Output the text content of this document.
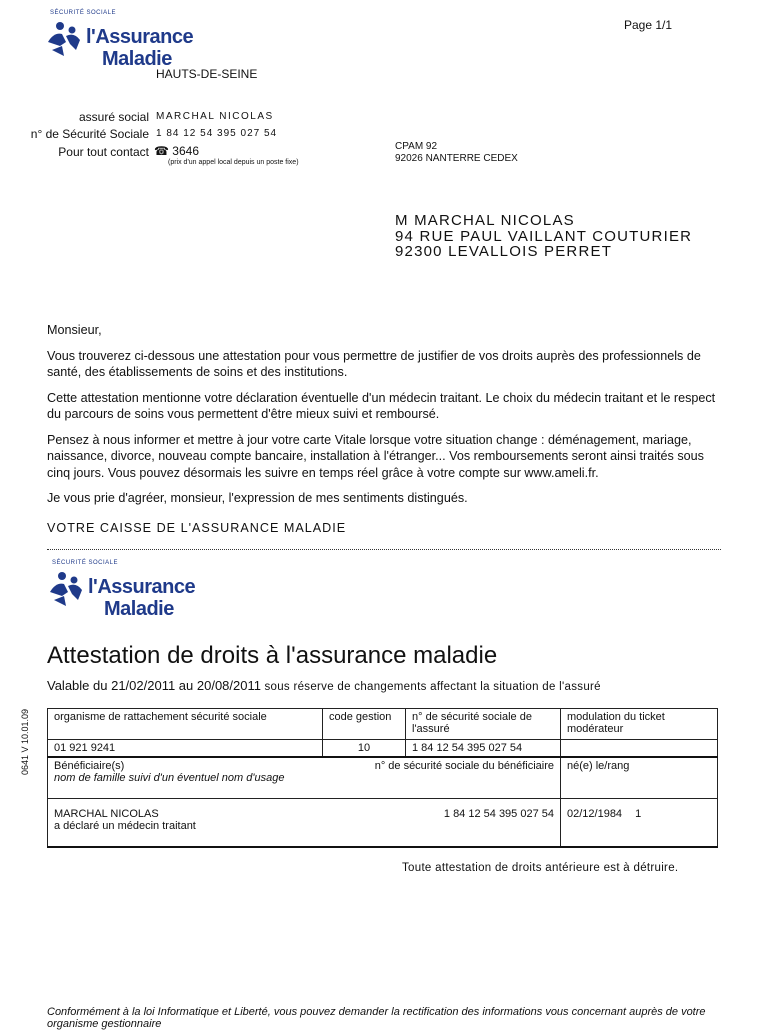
Page 1/1
SÉCURITÉ SOCIALE
l'Assurance
Maladie
HAUTS-DE-SEINE
assuré social MARCHAL NICOLAS
n° de Sécurité Sociale 1 84 12 54 395 027 54
Pour tout contact ☎ 3646
(prix d'un appel local depuis un poste fixe)
CPAM 92
92026 NANTERRE CEDEX
M MARCHAL NICOLAS
94 RUE PAUL VAILLANT COUTURIER
92300 LEVALLOIS PERRET

Monsieur,

Vous trouverez ci-dessous une attestation pour vous permettre de justifier de vos droits auprès des professionnels de santé, des établissements de soins et des institutions.

Cette attestation mentionne votre déclaration éventuelle d'un médecin traitant. Le choix du médecin traitant et le respect du parcours de soins vous permettent d'être mieux suivi et remboursé.

Pensez à nous informer et mettre à jour votre carte Vitale lorsque votre situation change : déménagement, mariage, naissance, divorce, nouveau compte bancaire, installation à l'étranger... Vos remboursements seront ainsi traités sous cinq jours. Vous pouvez désormais les suivre en temps réel grâce à votre compte sur www.ameli.fr.

Je vous prie d'agréer, monsieur, l'expression de mes sentiments distingués.

VOTRE CAISSE DE L'ASSURANCE MALADIE
SÉCURITÉ SOCIALE
l'Assurance
Maladie
Attestation de droits à l'assurance maladie
Valable du 21/02/2011 au 20/08/2011 sous réserve de changements affectant la situation de l'assuré
0641 V 10.01.09 organisme de rattachement sécurité sociale	code gestion	n° de sécurité sociale de l'assuré	modulation du ticket modérateur
01 921 9241	10	1 84 12 54 395 027 54	

Bénéficiaire(s)
nom de famille suivi d'un éventuel nom d'usage
n° de sécurité sociale du bénéficiaire			né(e) le/rang

MARCHAL NICOLAS
a déclaré un médecin traitant
1 84 12 54 395 027 54			02/12/1984 1
Toute attestation de droits antérieure est à détruire.
Conformément à la loi Informatique et Liberté, vous pouvez demander la rectification des informations vous concernant auprès de votre organisme gestionnaire
